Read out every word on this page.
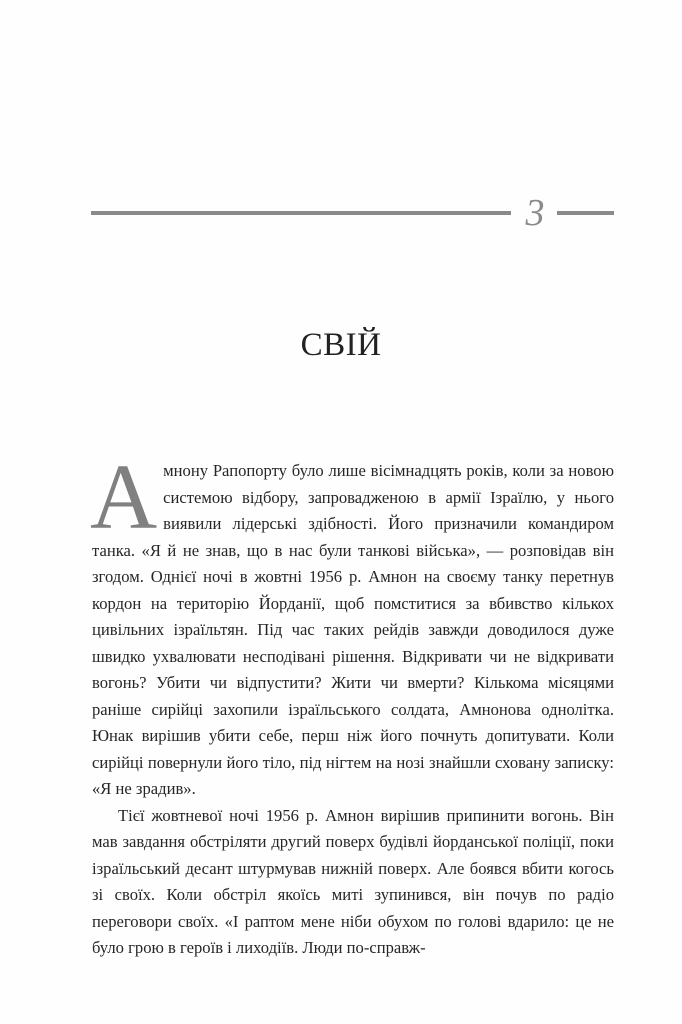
3
СВІЙ

Амнону Рапопорту було лише вісімнадцять років, коли за новою системою відбору, запровадженою в армії Ізраїлю, у нього виявили лідерські здібності. Його призначили командиром танка. «Я й не знав, що в нас були танкові війська», — розповідав він згодом. Однієї ночі в жовтні 1956 р. Амнон на своєму танку перетнув кордон на територію Йорданії, щоб помститися за вбивство кількох цивільних ізраїльтян. Під час таких рейдів завжди доводилося дуже швидко ухвалювати несподівані рішення. Відкривати чи не відкривати вогонь? Убити чи відпустити? Жити чи вмерти? Кількома місяцями раніше сирійці захопили ізраїльського солдата, Амнонова однолітка. Юнак вирішив убити себе, перш ніж його почнуть допитувати. Коли сирійці повернули його тіло, під нігтем на нозі знайшли сховану записку: «Я не зрадив».

Тієї жовтневої ночі 1956 р. Амнон вирішив припинити вогонь. Він мав завдання обстріляти другий поверх будівлі йорданської поліції, поки ізраїльський десант штурмував нижній поверх. Але боявся вбити когось зі своїх. Коли обстріл якоїсь миті зупинився, він почув по радіо переговори своїх. «І раптом мене ніби обухом по голові вдарило: це не було грою в героїв і лиходіїв. Люди по-справж-
